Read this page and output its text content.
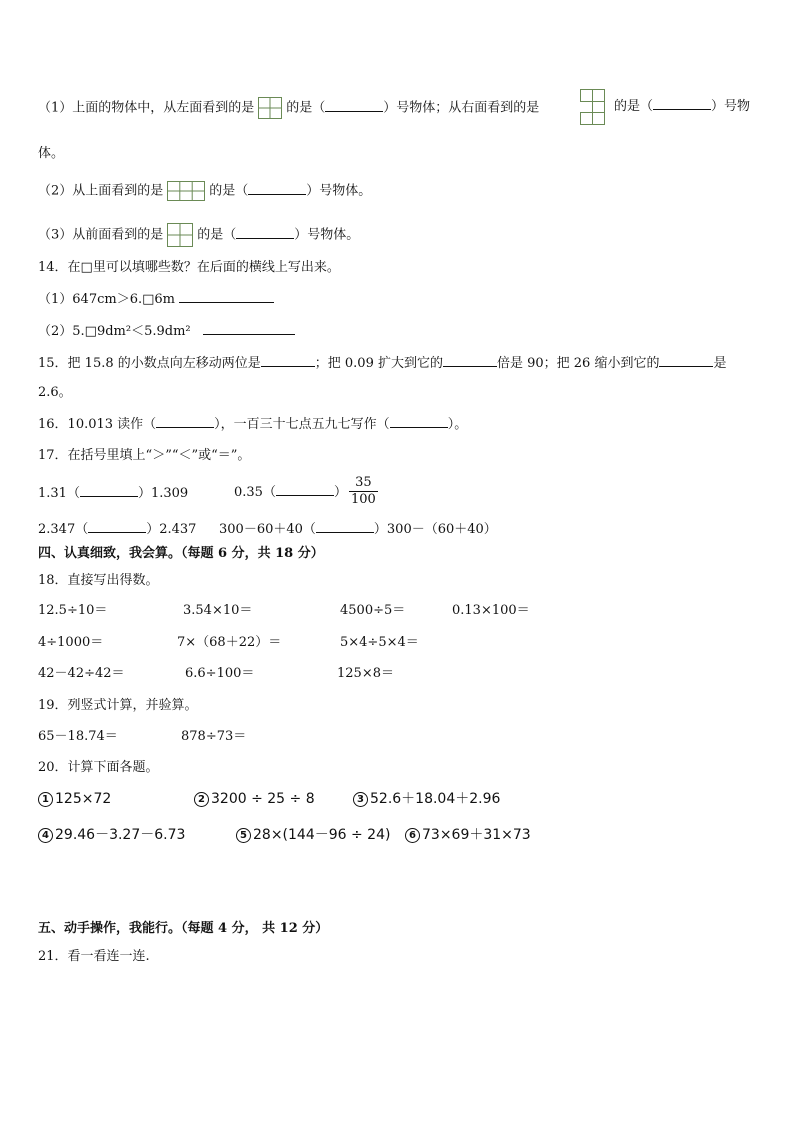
（1）上面的物体中，从左面看到的是 的是（	）号物体；从右面看到的是	的是（	）号物
体。
（2）从上面看到的是	的是（	）号物体。
（3）从前面看到的是	的是（	）号物体。
14．在□里可以填哪些数？在后面的横线上写出来。
（1）647cm＞6.□6m
（2）5.□9dm²＜5.9dm²
15．把 15.8 的小数点向左移动两位是	；把 0.09 扩大到它的	倍是 90；把 26 缩小到它的	是
2.6。
16．10.013 读作（	），一百三十七点五九七写作（	）。
17．在括号里填上“＞”“＜”或“＝”。
1.31（	）1.309	0.35（	） $\frac{35}{100}$
2.347（	）2.437 300－60＋40（	）300－（60＋40）
四、认真细致，我会算。（每题 6 分，共 18 分）
18．直接写出得数。
12.5÷10＝	3.54×10＝	4500÷5＝	0.13×100＝
4÷1000＝	7×（68＋22）＝	5×4÷5×4＝
42－42÷42＝	6.6÷100＝	125×8＝
19．列竖式计算，并验算。
65－18.74＝	878÷73＝
20．计算下面各题。
1 125×72	2 3200 ÷ 25 ÷ 8	3 52.6＋18.04＋2.96
4 29.46－3.27－6.73	5 28×(144－96 ÷ 24)	6 73×69＋31×73
五、动手操作，我能行。（每题 4 分， 共 12 分）
21．看一看连一连.
